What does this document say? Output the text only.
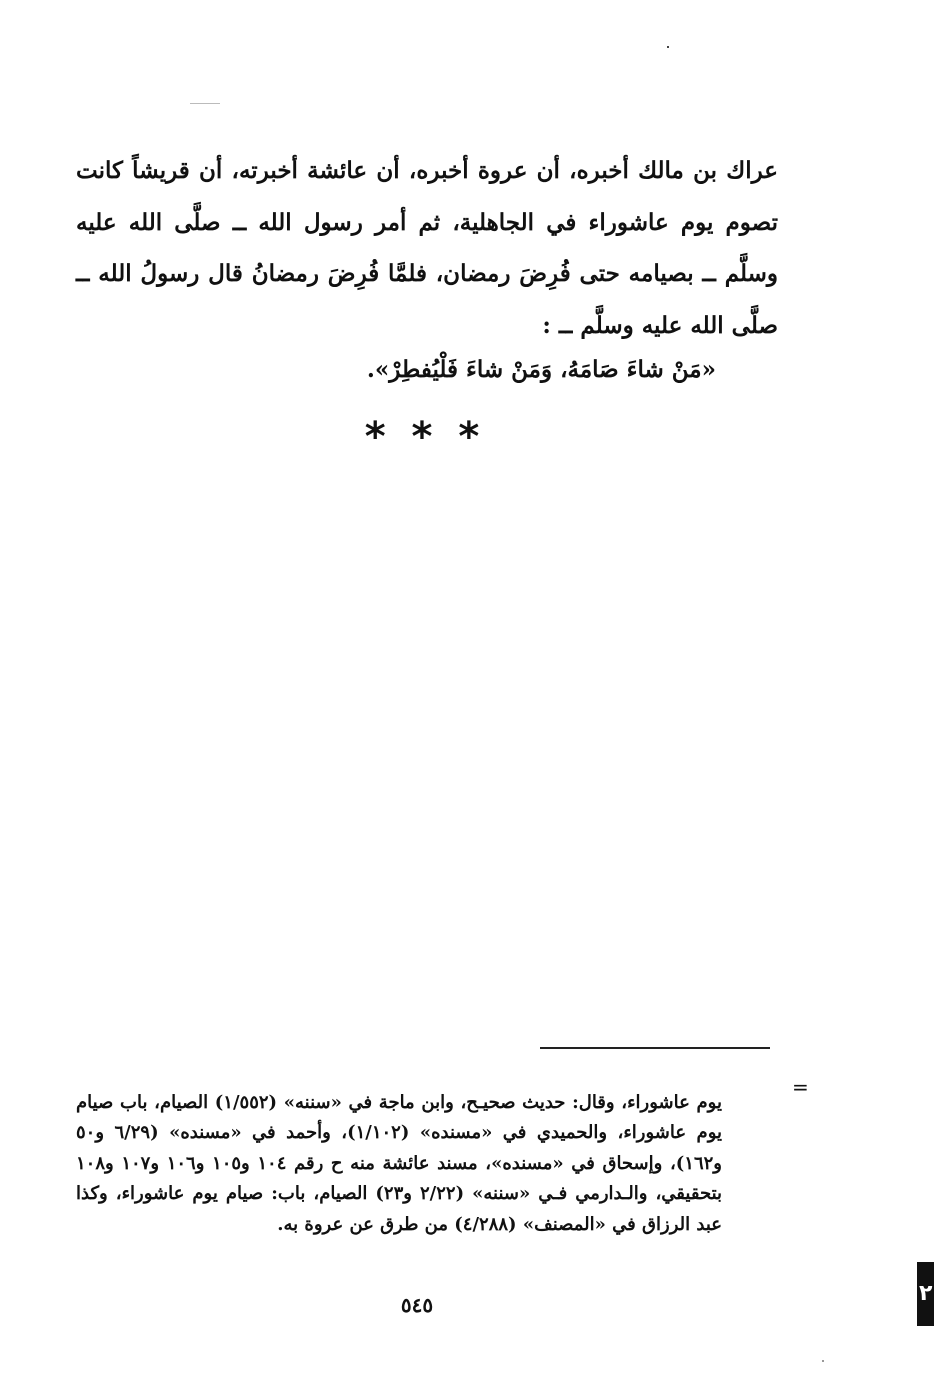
عراك بن مالك أخبره، أن عروة أخبره، أن عائشة أخبرته، أن قريشاً كانت تصوم يوم عاشوراء في الجاهلية، ثم أمر رسول الله ــ صلَّى الله عليه وسلَّم ــ بصيامه حتى فُرِضَ رمضان، فلمَّا فُرِضَ رمضانُ قال رسولُ الله ــ صلَّى الله عليه وسلَّم ــ :

«مَنْ شاءَ صَامَهُ، وَمَنْ شاءَ فَلْيُفطِرْ».

* * *
=

يوم عاشوراء، وقال: حديث صحيـح، وابن ماجة في «سننه» (١/٥٥٢) الصيام، باب صيام يوم عاشوراء، والحميدي في «مسنده» (١/١٠٢)، وأحمد في «مسنده» (٦/٢٩ و٥٠ و١٦٢)، وإسحاق في «مسنده»، مسند عائشة منه ح رقم ١٠٤ و١٠٥ و١٠٦ و١٠٧ و١٠٨ بتحقيقي، والـدارمي فـي «سننه» (٢/٢٢ و٢٣) الصيام، باب: صيام يوم عاشوراء، وكذا عبد الرزاق في «المصنف» (٤/٢٨٨) من طرق عن عروة به.

٥٤٥	٢
